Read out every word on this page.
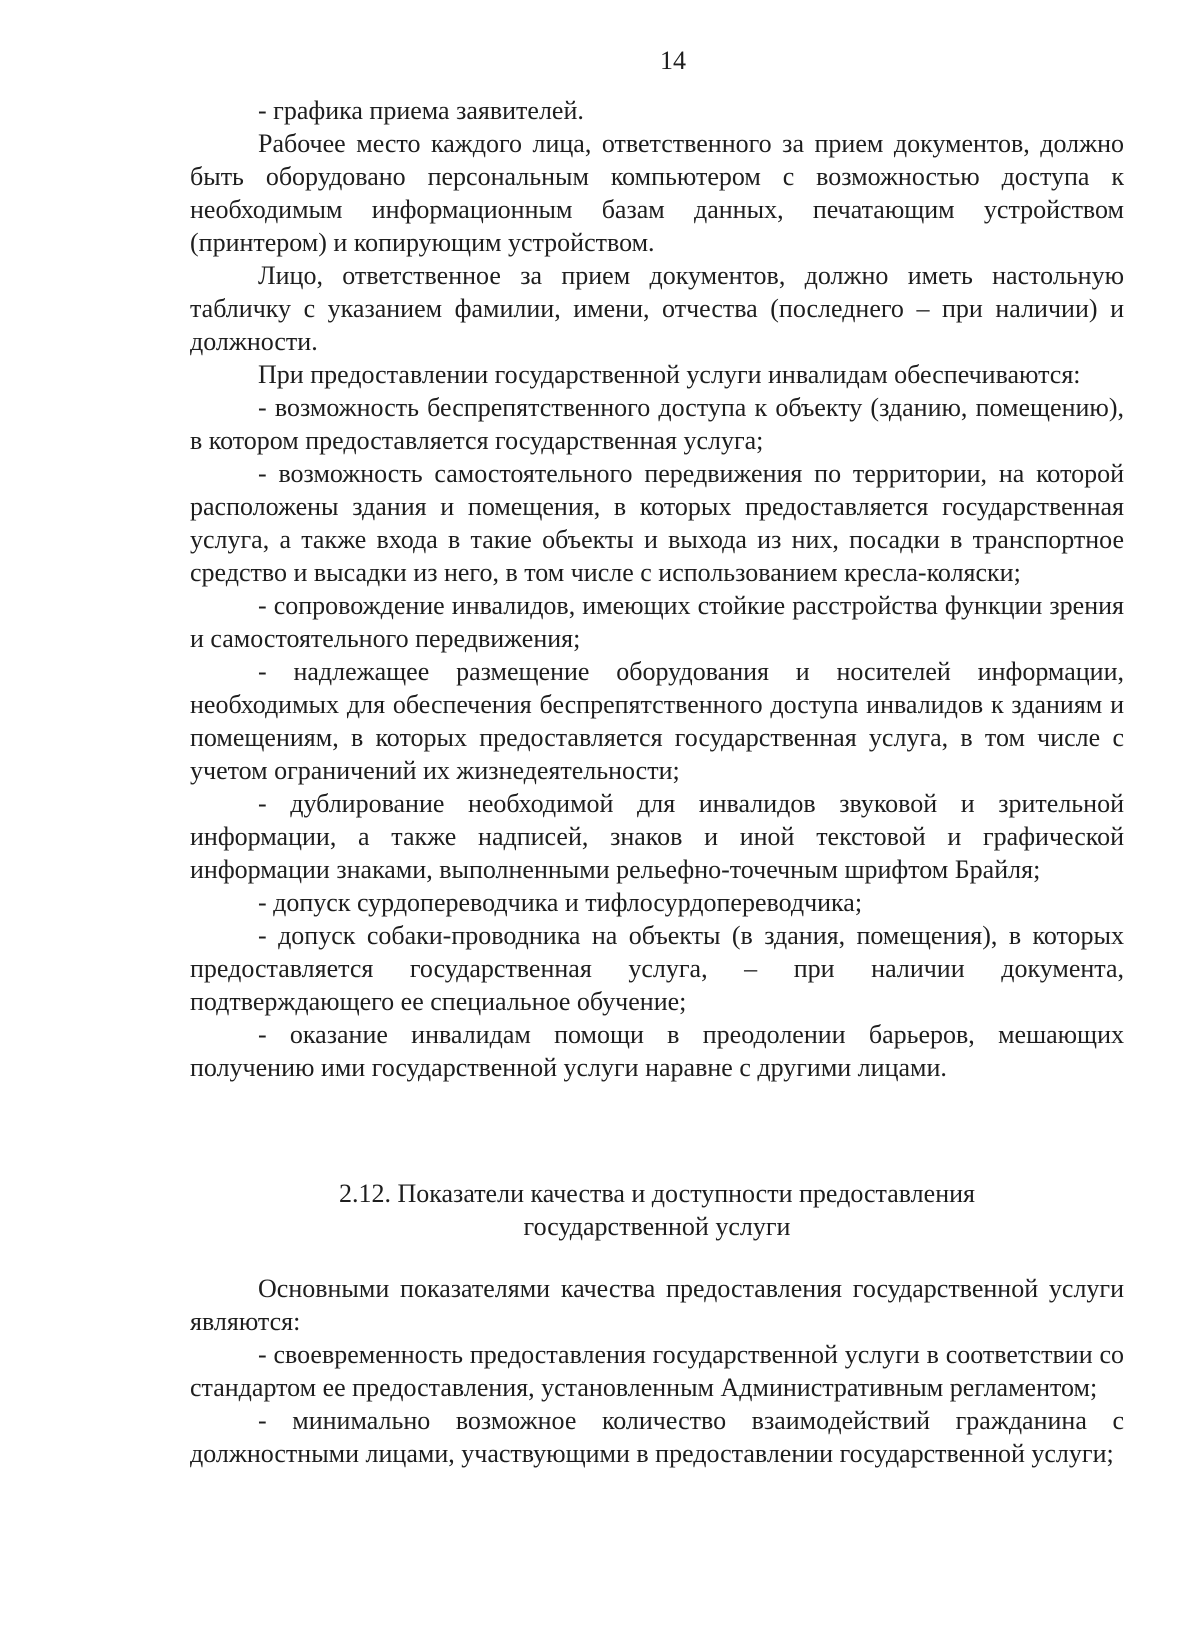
14

- графика приема заявителей.

Рабочее место каждого лица, ответственного за прием документов, должно быть оборудовано персональным компьютером с возможностью доступа к необходимым информационным базам данных, печатающим устройством (принтером) и копирующим устройством.

Лицо, ответственное за прием документов, должно иметь настольную табличку с указанием фамилии, имени, отчества (последнего – при наличии) и должности.

При предоставлении государственной услуги инвалидам обеспечиваются:

- возможность беспрепятственного доступа к объекту (зданию, помещению), в котором предоставляется государственная услуга;

- возможность самостоятельного передвижения по территории, на которой расположены здания и помещения, в которых предоставляется государственная услуга, а также входа в такие объекты и выхода из них, посадки в транспортное средство и высадки из него, в том числе с использованием кресла-коляски;

- сопровождение инвалидов, имеющих стойкие расстройства функции зрения и самостоятельного передвижения;

- надлежащее размещение оборудования и носителей информации, необходимых для обеспечения беспрепятственного доступа инвалидов к зданиям и помещениям, в которых предоставляется государственная услуга, в том числе с учетом ограничений их жизнедеятельности;

- дублирование необходимой для инвалидов звуковой и зрительной информации, а также надписей, знаков и иной текстовой и графической информации знаками, выполненными рельефно-точечным шрифтом Брайля;

- допуск сурдопереводчика и тифлосурдопереводчика;

- допуск собаки-проводника на объекты (в здания, помещения), в которых предоставляется государственная услуга, – при наличии документа, подтверждающего ее специальное обучение;

- оказание инвалидам помощи в преодолении барьеров, мешающих получению ими государственной услуги наравне с другими лицами.

2.12. Показатели качества и доступности предоставления
государственной услуги

Основными показателями качества предоставления государственной услуги являются:

- своевременность предоставления государственной услуги в соответствии со стандартом ее предоставления, установленным Административным регламентом;

- минимально возможное количество взаимодействий гражданина с должностными лицами, участвующими в предоставлении государственной услуги;
